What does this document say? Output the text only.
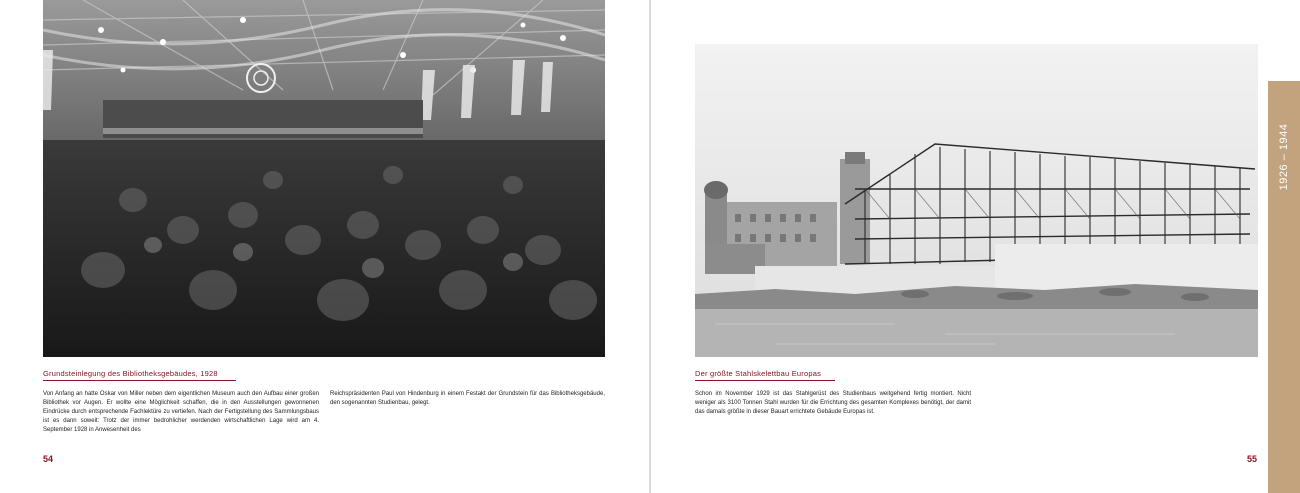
Grundsteinlegung des Bibliotheksgebäudes, 1928
Von Anfang an hatte Oskar von Miller neben dem eigentlichen Museum auch den Aufbau einer großen Bibliothek vor Augen. Er wollte eine Möglichkeit schaffen, die in den Ausstellungen gewonnenen Eindrücke durch entsprechende Fachlektüre zu vertiefen. Nach der Fertigstellung des Sammlungsbaus ist es dann soweit: Trotz der immer bedrohlicher werdenden wirtschaftlichen Lage wird am 4. September 1928 in Anwesenheit des
Reichspräsidenten Paul von Hindenburg in einem Festakt der Grundstein für das Bibliotheksgebäude, den sogenannten Studienbau, gelegt.
54
Der größte Stahlskelettbau Europas
Schon im November 1929 ist das Stahlgerüst des Studienbaus weitgehend fertig montiert. Nicht weniger als 3100 Tonnen Stahl wurden für die Errichtung des gesamten Komplexes benötigt, der damit das damals größte in dieser Bauart errichtete Gebäude Europas ist.
55
1926 – 1944
